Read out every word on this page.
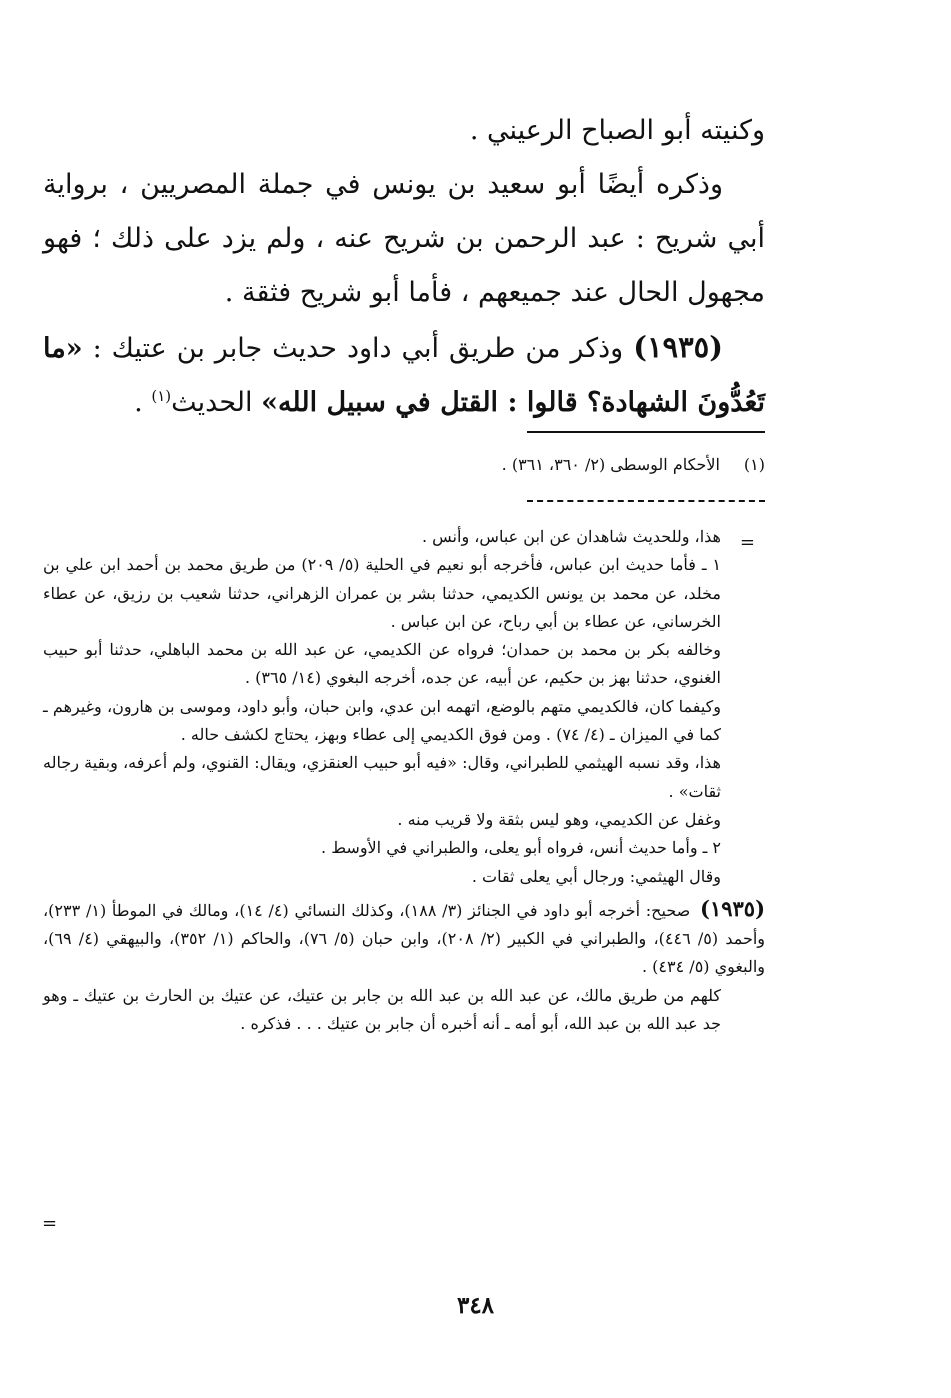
وكنيته أبو الصباح الرعيني .

وذكره أيضًا أبو سعيد بن يونس في جملة المصريين ، برواية أبي شريح : عبد الرحمن بن شريح عنه ، ولم يزد على ذلك ؛ فهو مجهول الحال عند جميعهم ، فأما أبو شريح فثقة .

(١٩٣٥) وذكر من طريق أبي داود حديث جابر بن عتيك : «ما تَعُدُّونَ الشهادة؟ قالوا : القتل في سبيل الله» الحديث$^{(١)}$ .

(١) الأحكام الوسطى (٢/ ٣٦٠، ٣٦١) .
=

هذا، وللحديث شاهدان عن ابن عباس، وأنس .

١ ـ فأما حديث ابن عباس، فأخرجه أبو نعيم في الحلية (٥/ ٢٠٩) من طريق محمد بن أحمد ابن علي بن مخلد، عن محمد بن يونس الكديمي، حدثنا بشر بن عمران الزهراني، حدثنا شعيب بن رزيق، عن عطاء الخرساني، عن عطاء بن أبي رباح، عن ابن عباس .

وخالفه بكر بن محمد بن حمدان؛ فرواه عن الكديمي، عن عبد الله بن محمد الباهلي، حدثنا أبو حبيب الغنوي، حدثنا بهز بن حكيم، عن أبيه، عن جده، أخرجه البغوي (١٤/ ٣٦٥) .

وكيفما كان، فالكديمي متهم بالوضع، اتهمه ابن عدي، وابن حبان، وأبو داود، وموسى بن هارون، وغيرهم ـ كما في الميزان ـ (٤/ ٧٤) . ومن فوق الكديمي إلى عطاء وبهز، يحتاج لكشف حاله .

هذا، وقد نسبه الهيثمي للطبراني، وقال: «فيه أبو حبيب العنقزي، ويقال: القنوي، ولم أعرفه، وبقية رجاله ثقات» .

وغفل عن الكديمي، وهو ليس بثقة ولا قريب منه .

٢ ـ وأما حديث أنس، فرواه أبو يعلى، والطبراني في الأوسط .

وقال الهيثمي: ورجال أبي يعلى ثقات .

(١٩٣٥) صحيح: أخرجه أبو داود في الجنائز (٣/ ١٨٨)، وكذلك النسائي (٤/ ١٤)، ومالك في الموطأ (١/ ٢٣٣)، وأحمد (٥/ ٤٤٦)، والطبراني في الكبير (٢/ ٢٠٨)، وابن حبان (٥/ ٧٦)، والحاكم (١/ ٣٥٢)، والبيهقي (٤/ ٦٩)، والبغوي (٥/ ٤٣٤) .

كلهم من طريق مالك، عن عبد الله بن عبد الله بن جابر بن عتيك، عن عتيك بن الحارث بن عتيك ـ وهو جد عبد الله بن عبد الله، أبو أمه ـ أنه أخبره أن جابر بن عتيك . . . فذكره .

=
٣٤٨
